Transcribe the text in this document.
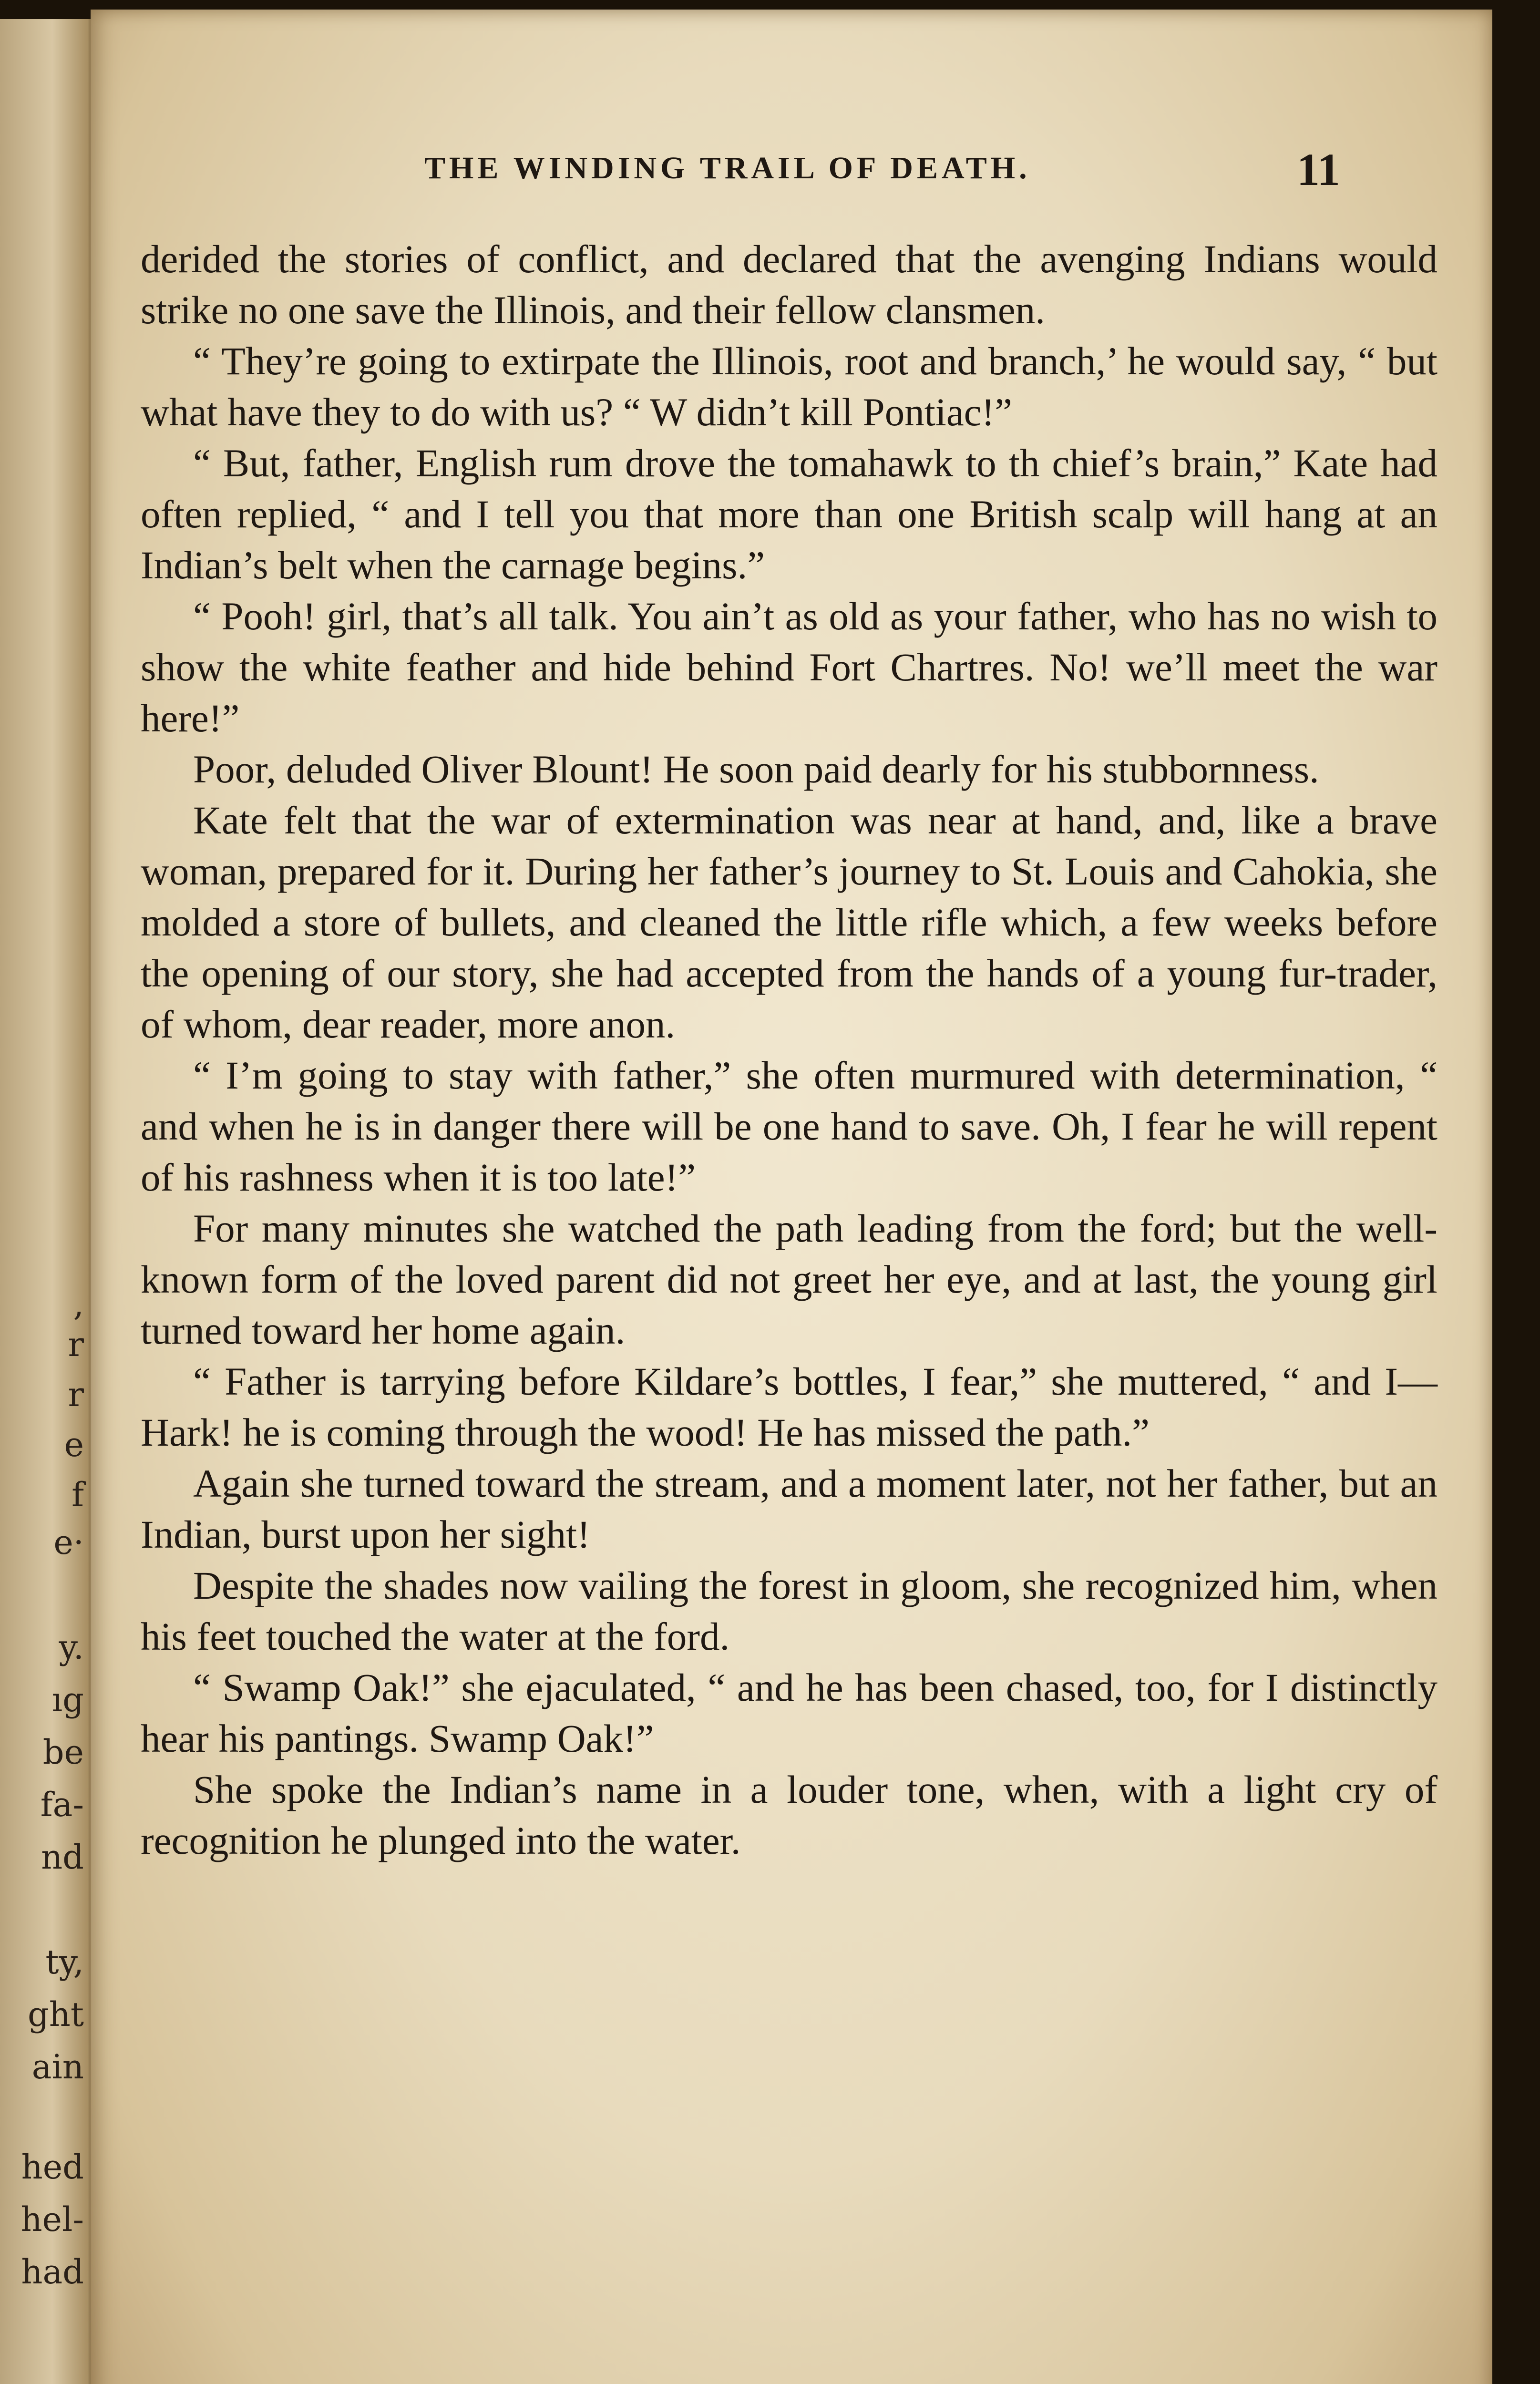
,
r
r
e
f
e·
y.
ıg
be
fa-
nd
ty,
ght
ain
hed
hel-
had
THE WINDING TRAIL OF DEATH.	11

derided the stories of conflict, and declared that the avenging Indians would strike no one save the Illinois, and their fellow clansmen.

“ They’re going to extirpate the Illinois, root and branch,’ he would say, “ but what have they to do with us? “ W didn’t kill Pontiac!”

“ But, father, English rum drove the tomahawk to th chief’s brain,” Kate had often replied, “ and I tell you that more than one British scalp will hang at an Indian’s belt when the carnage begins.”

“ Pooh! girl, that’s all talk. You ain’t as old as your father, who has no wish to show the white feather and hide behind Fort Chartres. No! we’ll meet the war here!”

Poor, deluded Oliver Blount! He soon paid dearly for his stubbornness.

Kate felt that the war of extermination was near at hand, and, like a brave woman, prepared for it. During her father’s journey to St. Louis and Cahokia, she molded a store of bullets, and cleaned the little rifle which, a few weeks before the opening of our story, she had accepted from the hands of a young fur-trader, of whom, dear reader, more anon.

“ I’m going to stay with father,” she often murmured with determination, “ and when he is in danger there will be one hand to save. Oh, I fear he will repent of his rashness when it is too late!”

For many minutes she watched the path leading from the ford; but the well-known form of the loved parent did not greet her eye, and at last, the young girl turned toward her home again.

“ Father is tarrying before Kildare’s bottles, I fear,” she muttered, “ and I— Hark! he is coming through the wood! He has missed the path.”

Again she turned toward the stream, and a moment later, not her father, but an Indian, burst upon her sight!

Despite the shades now vailing the forest in gloom, she recognized him, when his feet touched the water at the ford.

“ Swamp Oak!” she ejaculated, “ and he has been chased, too, for I distinctly hear his pantings. Swamp Oak!”

She spoke the Indian’s name in a louder tone, when, with a light cry of recognition he plunged into the water.
